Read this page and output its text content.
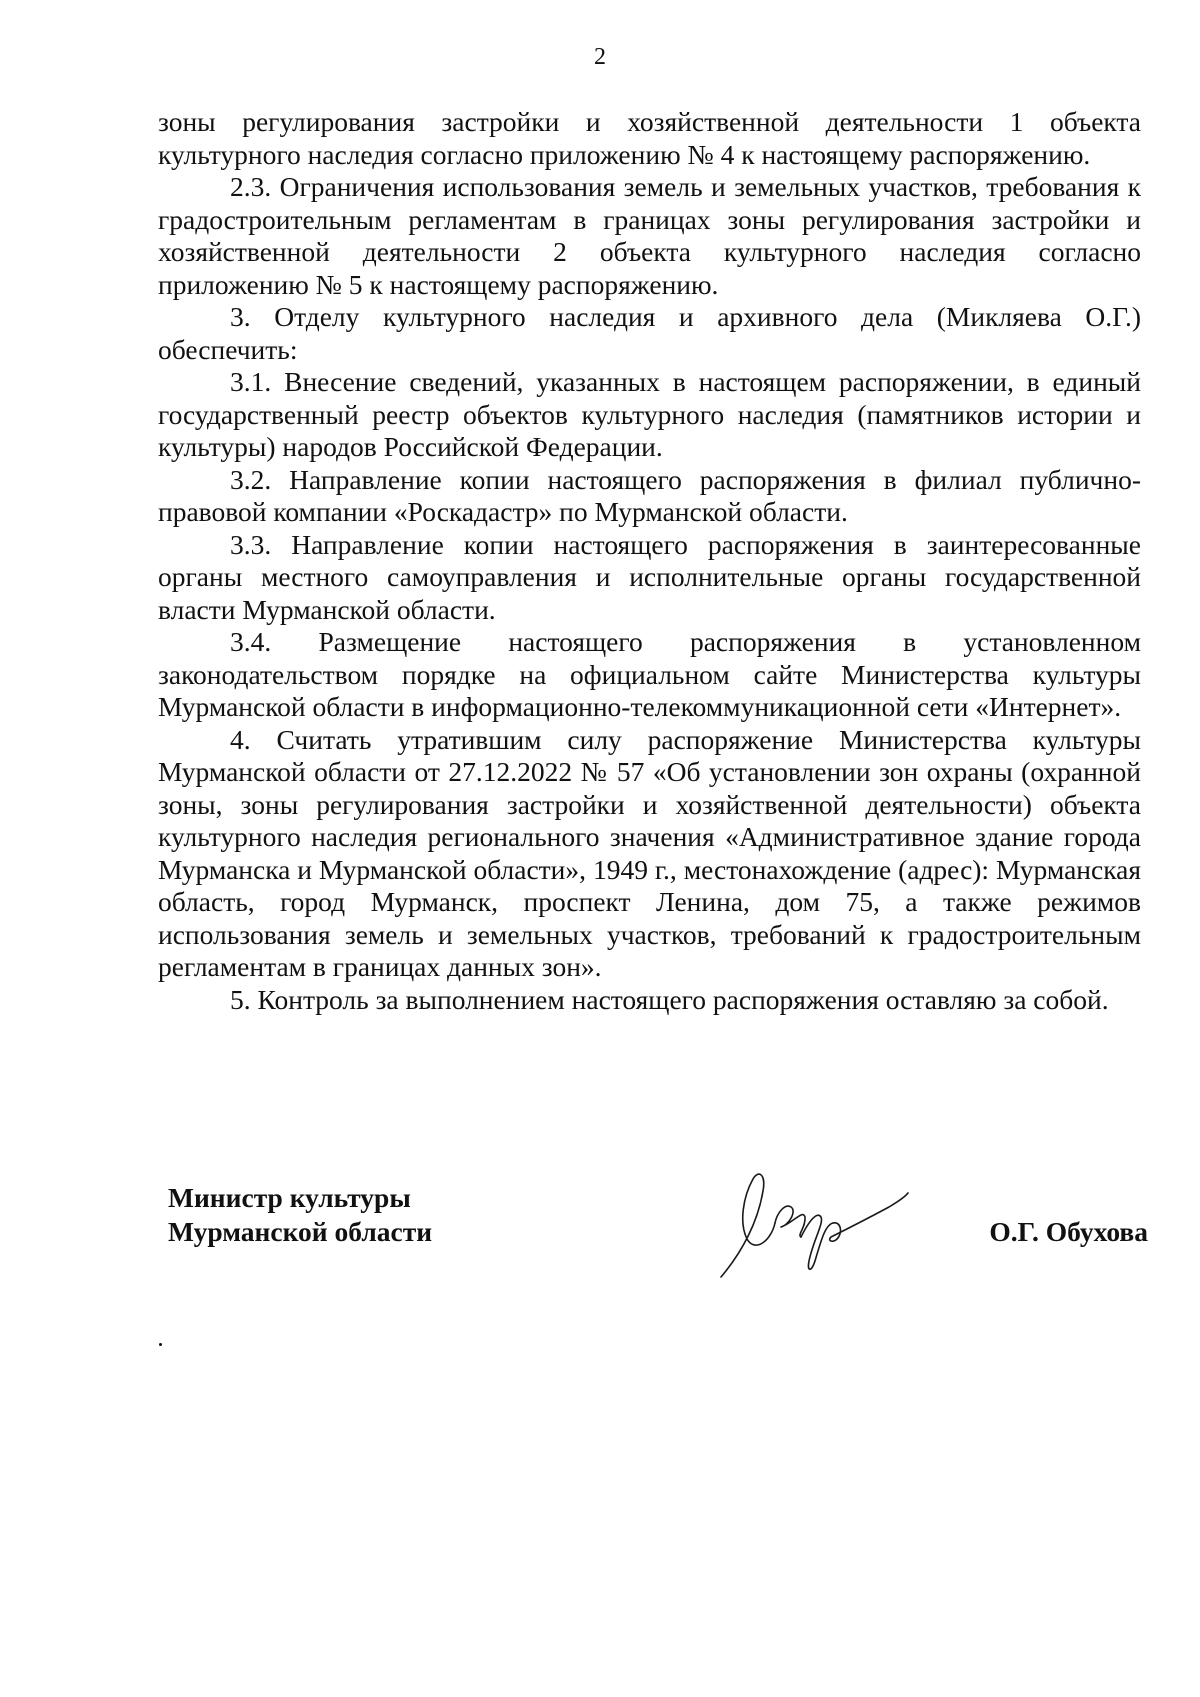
2

зоны регулирования застройки и хозяйственной деятельности 1 объекта культурного наследия согласно приложению № 4 к настоящему распоряжению.

2.3. Ограничения использования земель и земельных участков, требования к градостроительным регламентам в границах зоны регулирования застройки и хозяйственной деятельности 2 объекта культурного наследия согласно приложению № 5 к настоящему распоряжению.

3. Отделу культурного наследия и архивного дела (Микляева О.Г.) обеспечить:

3.1. Внесение сведений, указанных в настоящем распоряжении, в единый государственный реестр объектов культурного наследия (памятников истории и культуры) народов Российской Федерации.

3.2. Направление копии настоящего распоряжения в филиал публично-правовой компании «Роскадастр» по Мурманской области.

3.3. Направление копии настоящего распоряжения в заинтересованные органы местного самоуправления и исполнительные органы государственной власти Мурманской области.

3.4. Размещение настоящего распоряжения в установленном законодательством порядке на официальном сайте Министерства культуры Мурманской области в информационно-телекоммуникационной сети «Интернет».

4. Считать утратившим силу распоряжение Министерства культуры Мурманской области от 27.12.2022 № 57 «Об установлении зон охраны (охранной зоны, зоны регулирования застройки и хозяйственной деятельности) объекта культурного наследия регионального значения «Административное здание города Мурманска и Мурманской области», 1949 г., местонахождение (адрес): Мурманская область, город Мурманск, проспект Ленина, дом 75, а также режимов использования земель и земельных участков, требований к градостроительным регламентам в границах данных зон».

5. Контроль за выполнением настоящего распоряжения оставляю за собой.

Министр культуры
Мурманской области	О.Г. Обухова
